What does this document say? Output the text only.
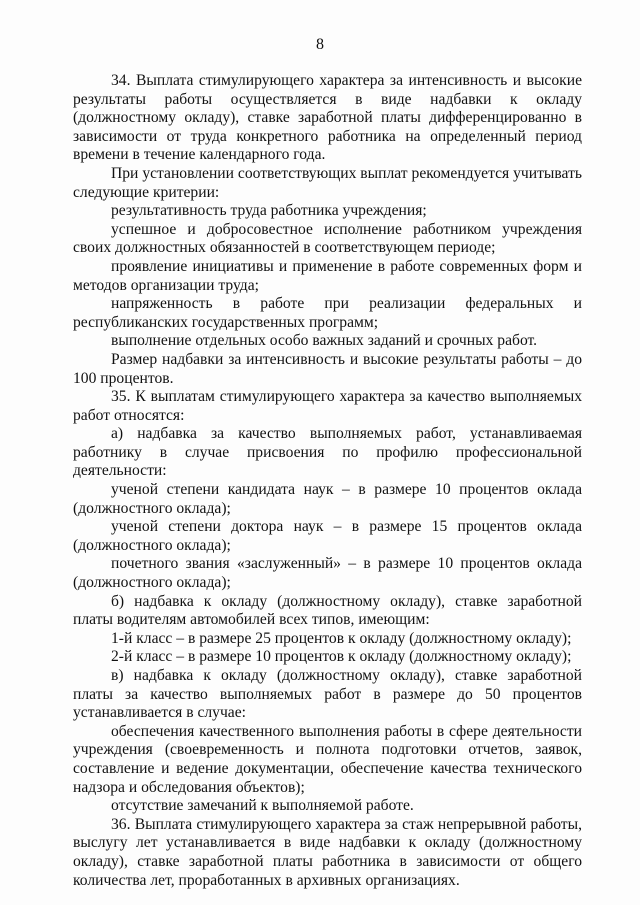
8

34. Выплата стимулирующего характера за интенсивность и высокие результаты работы осуществляется в виде надбавки к окладу (должностному окладу), ставке заработной платы дифференцированно в зависимости от труда конкретного работника на определенный период времени в течение календарного года.

При установлении соответствующих выплат рекомендуется учитывать следующие критерии:

результативность труда работника учреждения;

успешное и добросовестное исполнение работником учреждения своих должностных обязанностей в соответствующем периоде;

проявление инициативы и применение в работе современных форм и методов организации труда;

напряженность в работе при реализации федеральных и республиканских государственных программ;

выполнение отдельных особо важных заданий и срочных работ.

Размер надбавки за интенсивность и высокие результаты работы – до 100 процентов.

35. К выплатам стимулирующего характера за качество выполняемых работ относятся:

а) надбавка за качество выполняемых работ, устанавливаемая работнику в случае присвоения по профилю профессиональной деятельности:

ученой степени кандидата наук – в размере 10 процентов оклада (должностного оклада);

ученой степени доктора наук – в размере 15 процентов оклада (должностного оклада);

почетного звания «заслуженный» – в размере 10 процентов оклада (должностного оклада);

б) надбавка к окладу (должностному окладу), ставке заработной платы водителям автомобилей всех типов, имеющим:

1-й класс – в размере 25 процентов к окладу (должностному окладу);

2-й класс – в размере 10 процентов к окладу (должностному окладу);

в) надбавка к окладу (должностному окладу), ставке заработной платы за качество выполняемых работ в размере до 50 процентов устанавливается в случае:

обеспечения качественного выполнения работы в сфере деятельности учреждения (своевременность и полнота подготовки отчетов, заявок, составление и ведение документации, обеспечение качества технического надзора и обследования объектов);

отсутствие замечаний к выполняемой работе.

36. Выплата стимулирующего характера за стаж непрерывной работы, выслугу лет устанавливается в виде надбавки к окладу (должностному окладу), ставке заработной платы работника в зависимости от общего количества лет, проработанных в архивных организациях.
